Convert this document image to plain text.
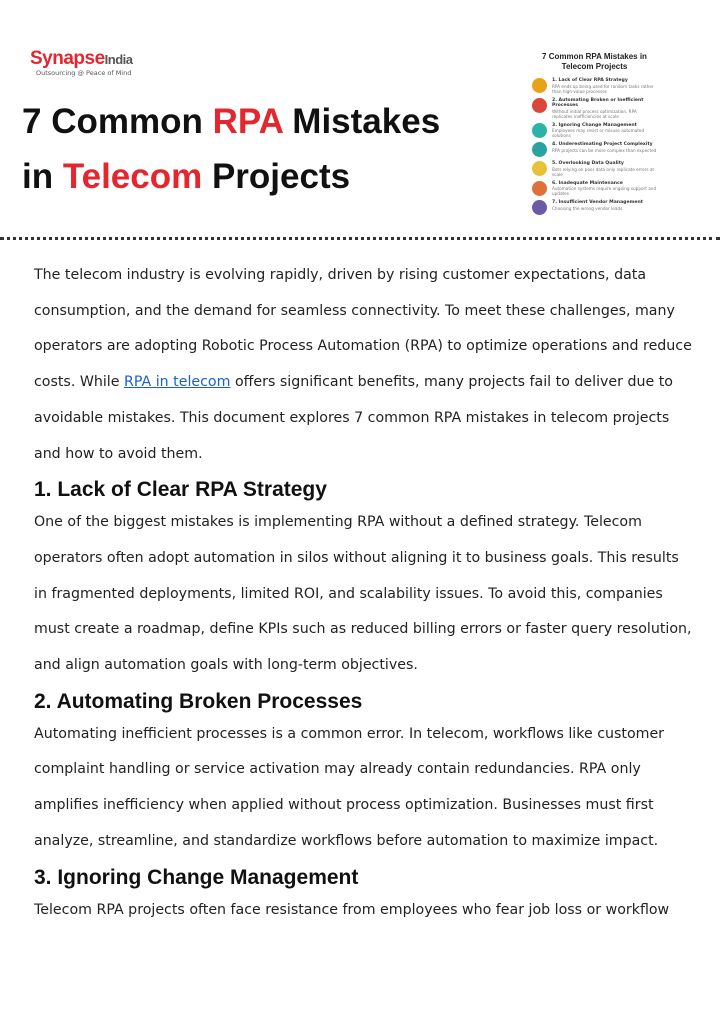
SynapseIndia
Outsourcing @ Peace of Mind
7 Common RPA Mistakes
in Telecom Projects
7 Common RPA Mistakes in Telecom Projects
1. Lack of Clear RPA Strategy
RPA ends up being used for random tasks rather than high-value processes
2. Automating Broken or Inefficient Processes
Without initial process optimization, RPA replicates inefficiencies at scale
3. Ignoring Change Management
Employees may resist or misuse automated solutions
4. Underestimating Project Complexity
RPA projects can be more complex than expected
5. Overlooking Data Quality
Bots relying on poor data only replicate errors at scale
6. Inadequate Maintenance
Automation systems require ongoing support and updates
7. Insufficient Vendor Management
Choosing the wrong vendor leads

The telecom industry is evolving rapidly, driven by rising customer expectations, data consumption, and the demand for seamless connectivity. To meet these challenges, many operators are adopting Robotic Process Automation (RPA) to optimize operations and reduce costs. While RPA in telecom offers significant benefits, many projects fail to deliver due to avoidable mistakes. This document explores 7 common RPA mistakes in telecom projects and how to avoid them.

1. Lack of Clear RPA Strategy

One of the biggest mistakes is implementing RPA without a defined strategy. Telecom operators often adopt automation in silos without aligning it to business goals. This results in fragmented deployments, limited ROI, and scalability issues. To avoid this, companies must create a roadmap, define KPIs such as reduced billing errors or faster query resolution, and align automation goals with long-term objectives.

2. Automating Broken Processes

Automating inefficient processes is a common error. In telecom, workflows like customer complaint handling or service activation may already contain redundancies. RPA only amplifies inefficiency when applied without process optimization. Businesses must first analyze, streamline, and standardize workflows before automation to maximize impact.

3. Ignoring Change Management

Telecom RPA projects often face resistance from employees who fear job loss or workflow
